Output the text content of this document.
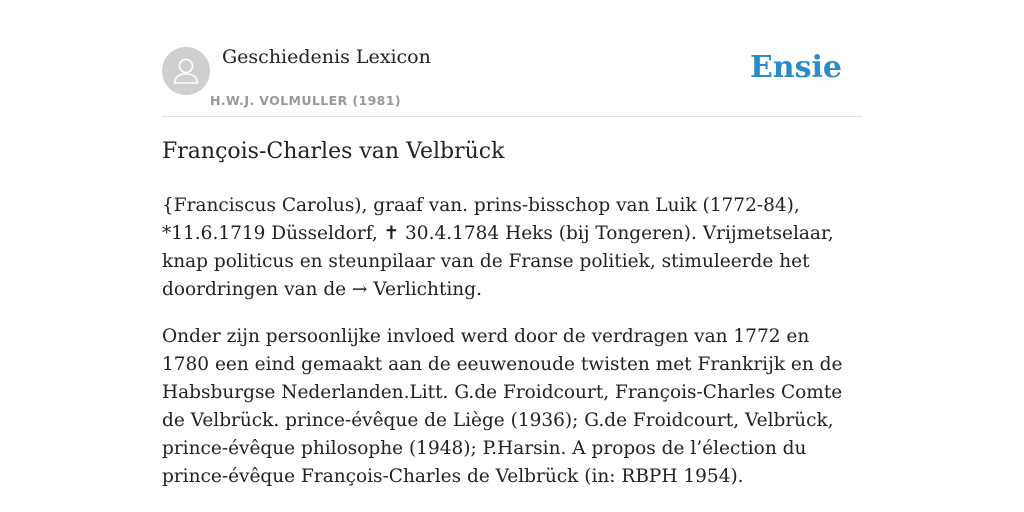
Geschiedenis Lexicon
H.W.J. VOLMULLER (1981)
Ensie
François-Charles van Velbrück

{Franciscus Carolus), graaf van. prins-bisschop van Luik (1772-84), *11.6.1719 Düsseldorf, ✝ 30.4.1784 Heks (bij Tongeren). Vrijmetselaar, knap politicus en steunpilaar van de Franse politiek, stimuleerde het doordringen van de → Verlichting.

Onder zijn persoonlijke invloed werd door de verdragen van 1772 en 1780 een eind gemaakt aan de eeuwenoude twisten met Frankrijk en de Habsburgse Nederlanden.Litt. G.de Froidcourt, François-Charles Comte de Velbrück. prince-évêque de Liège (1936); G.de Froidcourt, Velbrück, prince-évêque philosophe (1948); P.Harsin. A propos de l’élection du prince-évêque François-Charles de Velbrück (in: RBPH 1954).
